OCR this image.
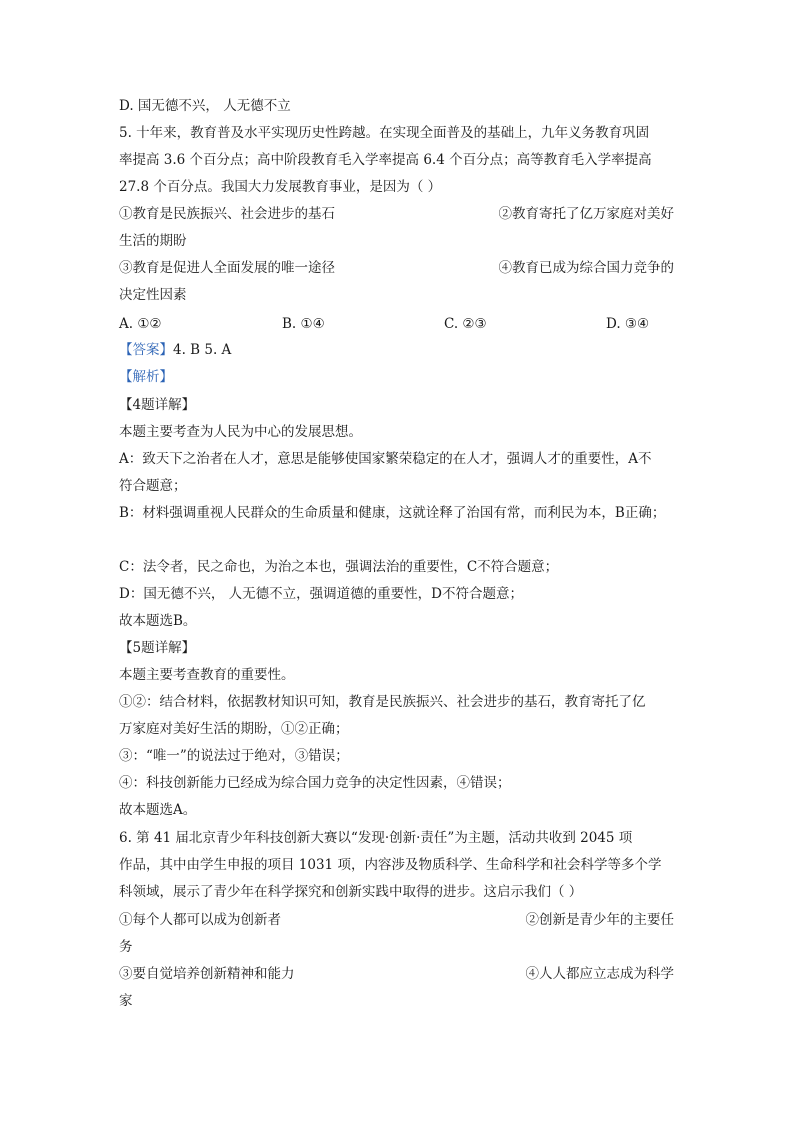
D. 国无德不兴， 人无德不立
5. 十年来，教育普及水平实现历史性跨越。在实现全面普及的基础上，九年义务教育巩固
率提高 3.6 个百分点；高中阶段教育毛入学率提高 6.4 个百分点；高等教育毛入学率提高
27.8 个百分点。我国大力发展教育事业，是因为（ ）
①教育是民族振兴、社会进步的基石	②教育寄托了亿万家庭对美好
生活的期盼
③教育是促进人全面发展的唯一途径	④教育已成为综合国力竞争的
决定性因素
A. ①②	B. ①④	C. ②③	D. ③④
【答案】4. B 5. A
【解析】
【4题详解】
本题主要考查为人民为中心的发展思想。
A：致天下之治者在人才，意思是能够使国家繁荣稳定的在人才，强调人才的重要性，A不
符合题意；
B：材料强调重视人民群众的生命质量和健康，这就诠释了治国有常，而利民为本，B正确；
C：法令者，民之命也，为治之本也，强调法治的重要性，C不符合题意；
D：国无德不兴， 人无德不立，强调道德的重要性，D不符合题意；
故本题选B。
【5题详解】
本题主要考查教育的重要性。
①②：结合材料，依据教材知识可知，教育是民族振兴、社会进步的基石，教育寄托了亿
万家庭对美好生活的期盼，①②正确；
③：“唯一”的说法过于绝对，③错误；
④：科技创新能力已经成为综合国力竞争的决定性因素，④错误；
故本题选A。
6. 第 41 届北京青少年科技创新大赛以“发现·创新·责任”为主题，活动共收到 2045 项
作品，其中由学生申报的项目 1031 项，内容涉及物质科学、生命科学和社会科学等多个学
科领域，展示了青少年在科学探究和创新实践中取得的进步。这启示我们（ ）
①每个人都可以成为创新者	②创新是青少年的主要任
务
③要自觉培养创新精神和能力	④人人都应立志成为科学
家
